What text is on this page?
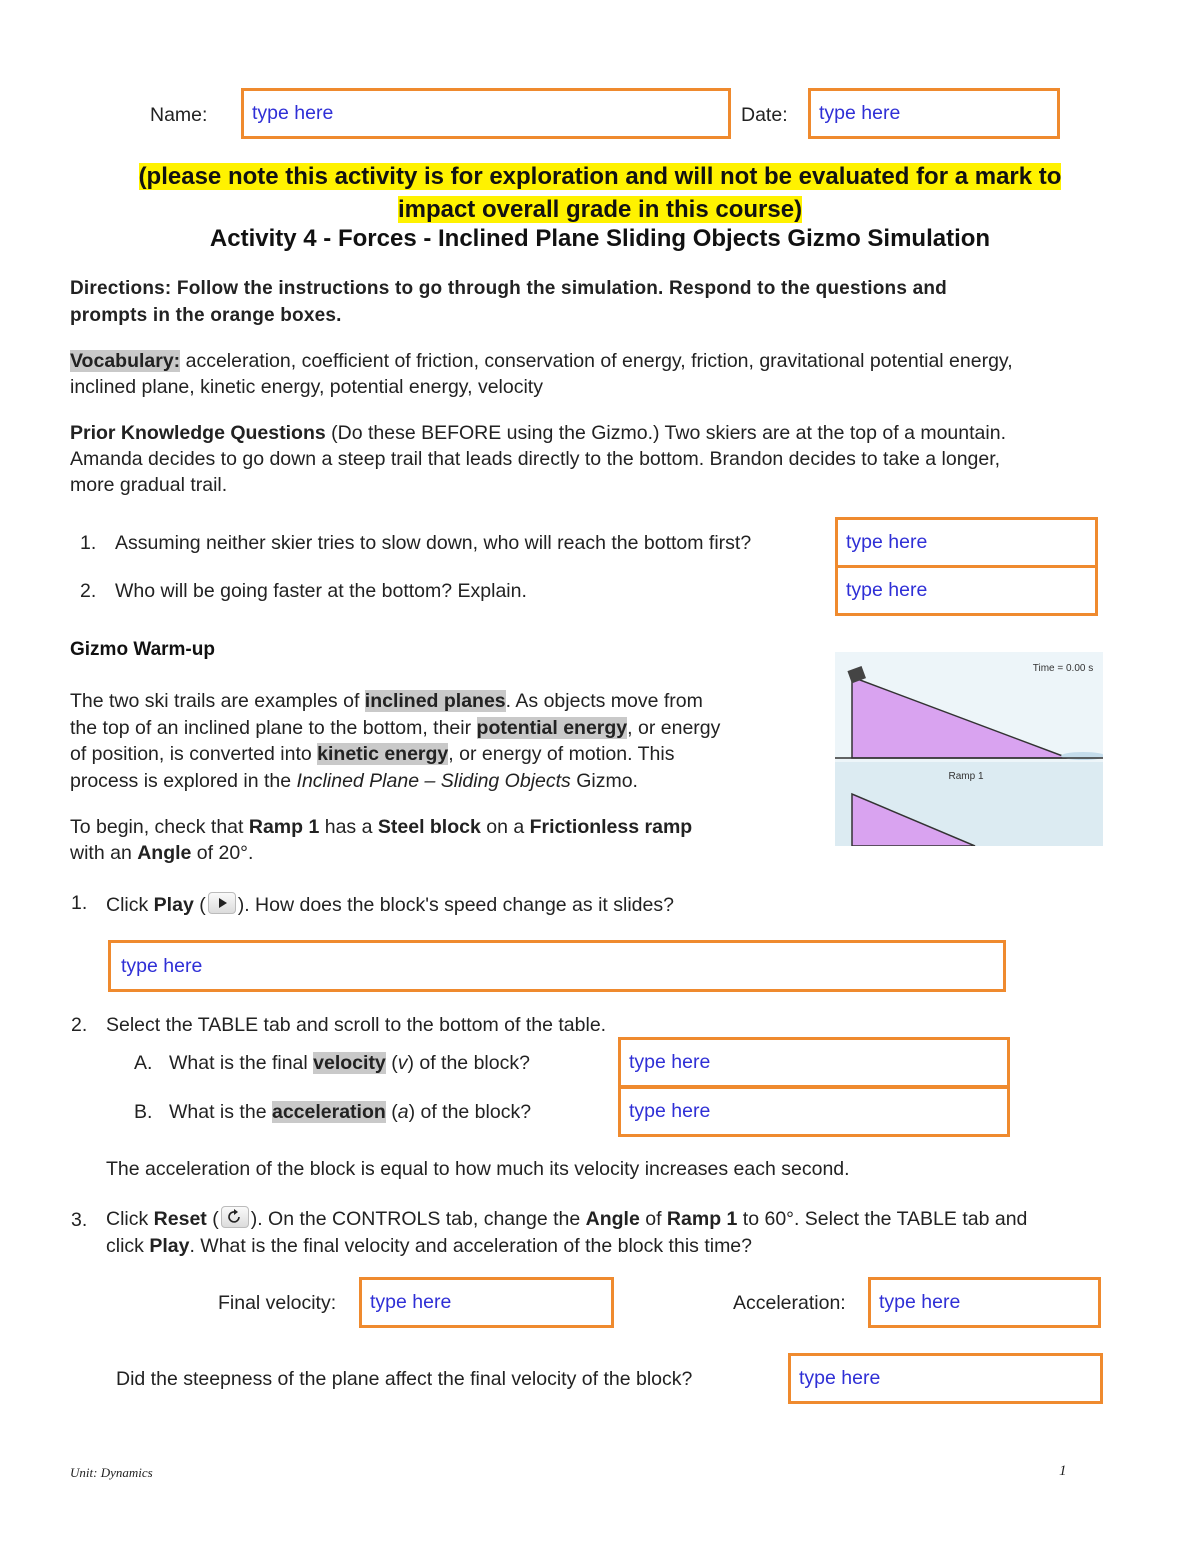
Name:	type here	Date:	type here
(please note this activity is for exploration and will not be evaluated for a mark to
impact overall grade in this course)
Activity 4 - Forces - Inclined Plane Sliding Objects Gizmo Simulation
Directions: Follow the instructions to go through the simulation. Respond to the questions and
prompts in the orange boxes.
Vocabulary: acceleration, coefficient of friction, conservation of energy, friction, gravitational potential energy,
inclined plane, kinetic energy, potential energy, velocity
Prior Knowledge Questions (Do these BEFORE using the Gizmo.) Two skiers are at the top of a mountain.
Amanda decides to go down a steep trail that leads directly to the bottom. Brandon decides to take a longer,
more gradual trail.
1. Assuming neither skier tries to slow down, who will reach the bottom first?	type here
2. Who will be going faster at the bottom? Explain.	type here
Gizmo Warm-up
The two ski trails are examples of inclined planes. As objects move from
the top of an inclined plane to the bottom, their potential energy, or energy
of position, is converted into kinetic energy, or energy of motion. This
process is explored in the Inclined Plane – Sliding Objects Gizmo.
To begin, check that Ramp 1 has a Steel block on a Frictionless ramp
with an Angle of 20°.
Time = 0.00 s
Ramp 1
1. Click Play ( ). How does the block's speed change as it slides?
type here
2. Select the TABLE tab and scroll to the bottom of the table.
A. What is the final velocity (v) of the block?	type here
B. What is the acceleration (a) of the block?	type here
The acceleration of the block is equal to how much its velocity increases each second.
3. Click Reset ( ). On the CONTROLS tab, change the Angle of Ramp 1 to 60°. Select the TABLE tab and
click Play. What is the final velocity and acceleration of the block this time?
Final velocity:	type here	Acceleration:	type here
Did the steepness of the plane affect the final velocity of the block?	type here
Unit: Dynamics	1
